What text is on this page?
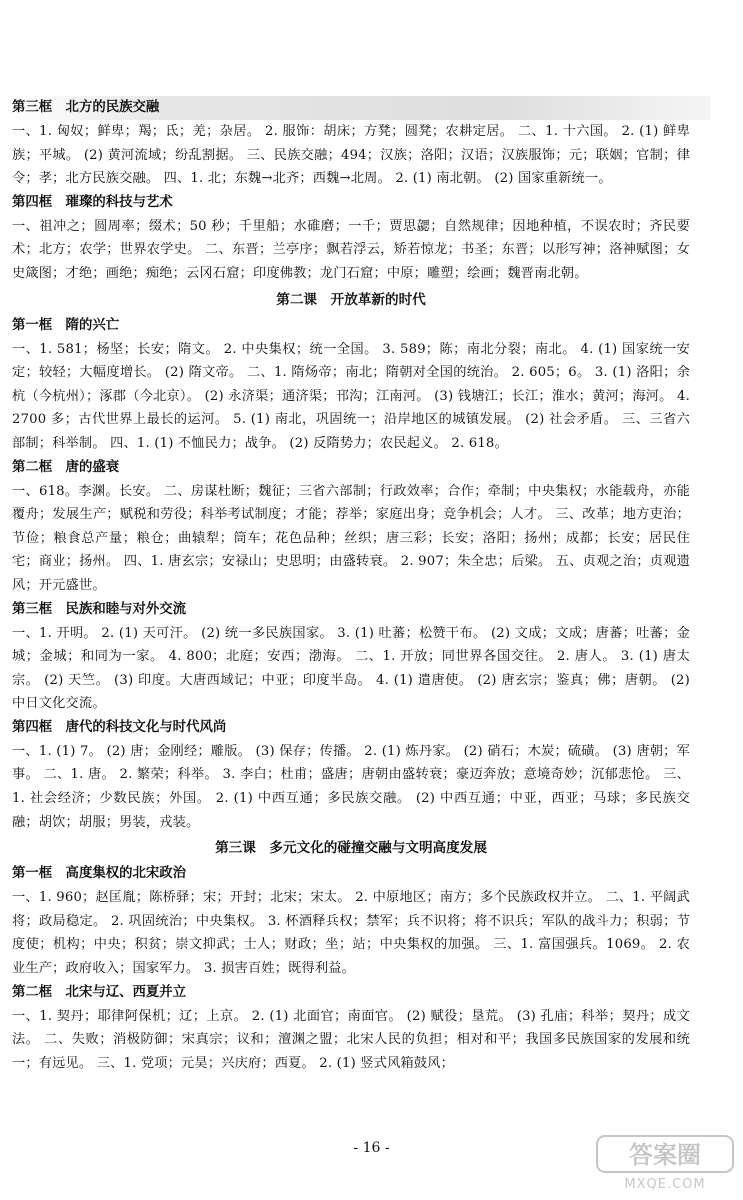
第三框　北方的民族交融

一、1. 匈奴；鲜卑；羯；氐；羌；杂居。 2. 服饰：胡床；方凳；圆凳；农耕定居。 二、1. 十六国。 2. (1) 鲜卑族；平城。 (2) 黄河流域；纷乱割据。 三、民族交融；494；汉族；洛阳；汉语；汉族服饰；元；联姻；官制；律令；孝；北方民族交融。 四、1. 北；东魏→北齐；西魏→北周。 2. (1) 南北朝。 (2) 国家重新统一。

第四框　璀璨的科技与艺术

一、祖冲之；圆周率；缀术；50 秒；千里船；水碓磨；一千；贾思勰；自然规律；因地种植，不误农时；齐民要术；北方；农学；世界农学史。 二、东晋；兰亭序；飘若浮云，矫若惊龙；书圣；东晋；以形写神；洛神赋图；女史箴图；才绝；画绝；痴绝；云冈石窟；印度佛教；龙门石窟；中原；雕塑；绘画；魏晋南北朝。

第二课　开放革新的时代
第一框　隋的兴亡

一、1. 581；杨坚；长安；隋文。 2. 中央集权；统一全国。 3. 589；陈；南北分裂；南北。 4. (1) 国家统一安定；较轻；大幅度增长。 (2) 隋文帝。 二、1. 隋炀帝；南北；隋朝对全国的统治。 2. 605；6。 3. (1) 洛阳；余杭（今杭州）；涿郡（今北京）。 (2) 永济渠；通济渠；邗沟；江南河。 (3) 钱塘江；长江；淮水；黄河；海河。 4. 2700 多；古代世界上最长的运河。 5. (1) 南北，巩固统一；沿岸地区的城镇发展。 (2) 社会矛盾。 三、三省六部制；科举制。 四、1. (1) 不恤民力；战争。 (2) 反隋势力；农民起义。 2. 618。

第二框　唐的盛衰

一、618。李渊。长安。 二、房谋杜断；魏征；三省六部制；行政效率；合作；牵制；中央集权；水能载舟，亦能覆舟；发展生产；赋税和劳役；科举考试制度；才能；荐举；家庭出身；竞争机会；人才。 三、改革；地方吏治；节俭；粮食总产量；粮仓；曲辕犁；筒车；花色品种；丝织；唐三彩；长安；洛阳；扬州；成都；长安；居民住宅；商业；扬州。 四、1. 唐玄宗；安禄山；史思明；由盛转衰。 2. 907；朱全忠；后梁。 五、贞观之治；贞观遗风；开元盛世。

第三框　民族和睦与对外交流

一、1. 开明。 2. (1) 天可汗。 (2) 统一多民族国家。 3. (1) 吐蕃；松赞干布。 (2) 文成；文成；唐蕃；吐蕃；金城；金城；和同为一家。 4. 800；北庭；安西；渤海。 二、1. 开放；同世界各国交往。 2. 唐人。 3. (1) 唐太宗。 (2) 天竺。 (3) 印度。大唐西域记；中亚；印度半岛。 4. (1) 遣唐使。 (2) 唐玄宗；鉴真；佛；唐朝。 (2) 中日文化交流。

第四框　唐代的科技文化与时代风尚

一、1. (1) 7。 (2) 唐；金刚经；雕版。 (3) 保存；传播。 2. (1) 炼丹家。 (2) 硝石；木炭；硫磺。 (3) 唐朝；军事。 二、1. 唐。 2. 繁荣；科举。 3. 李白；杜甫；盛唐；唐朝由盛转衰；豪迈奔放；意境奇妙；沉郁悲怆。 三、1. 社会经济；少数民族；外国。 2. (1) 中西互通；多民族交融。 (2) 中西互通；中亚，西亚；马球；多民族交融；胡饮；胡服；男装，戎装。

第三课　多元文化的碰撞交融与文明高度发展
第一框　高度集权的北宋政治

一、1. 960；赵匡胤；陈桥驿；宋；开封；北宋；宋太。 2. 中原地区；南方；多个民族政权并立。 二、1. 平阔武将；政局稳定。 2. 巩固统治；中央集权。 3. 杯酒释兵权；禁军；兵不识将；将不识兵；军队的战斗力；积弱；节度使；机构；中央；积贫；崇文抑武；士人；财政；坐；站；中央集权的加强。 三、1. 富国强兵。1069。 2. 农业生产；政府收入；国家军力。 3. 损害百姓；既得利益。

第二框　北宋与辽、西夏并立

一、1. 契丹；耶律阿保机；辽；上京。 2. (1) 北面官；南面官。 (2) 赋役；垦荒。 (3) 孔庙；科举；契丹；成文法。 二、失败；消极防御；宋真宗；议和；澶渊之盟；北宋人民的负担；相对和平；我国多民族国家的发展和统一；有远见。 三、1. 党项；元昊；兴庆府；西夏。 2. (1) 竖式风箱鼓风；

- 16 -	答案圈
MXQE.COM
